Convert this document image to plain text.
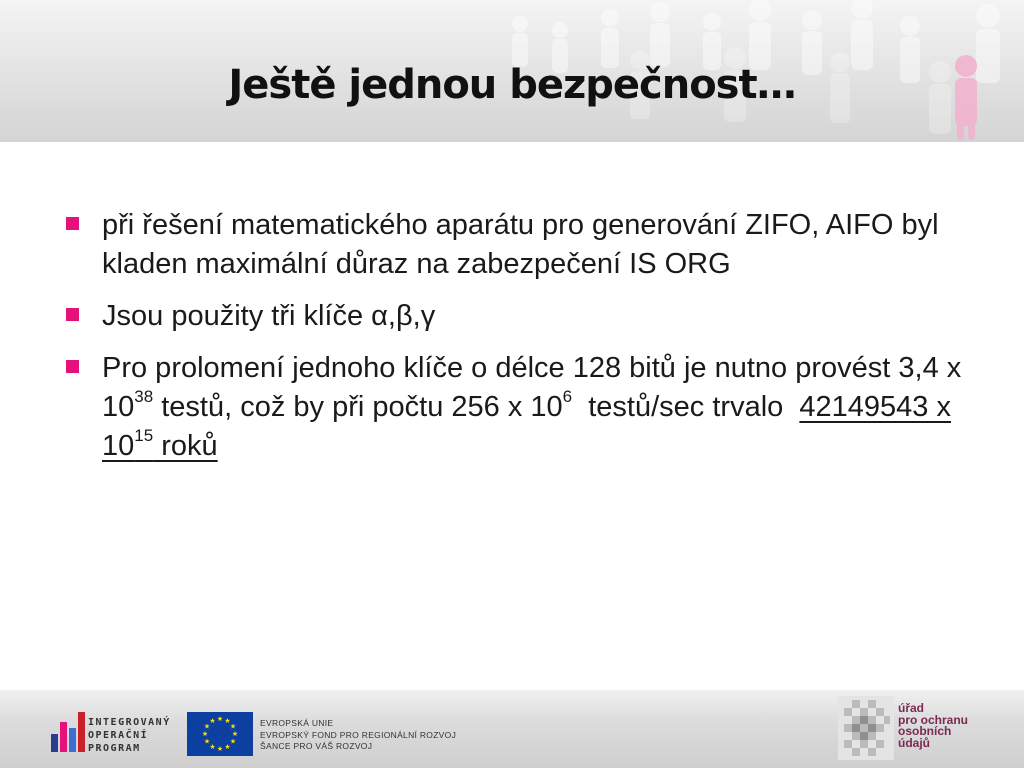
Ještě jednou bezpečnost…
při řešení matematického aparátu pro generování ZIFO, AIFO byl kladen maximální důraz na zabezpečení IS ORG
Jsou použity tři klíče α,β,γ
Pro prolomení jednoho klíče o délce 128 bitů je nutno provést 3,4 x $10^{38}$ testů, což by při počtu 256 x $10^6$  testů/sec trvalo  42149543 x $10^{15}$ roků
INTEGROVANÝ
OPERAČNÍ
PROGRAM
★ ★
★
★
★
★
★
★
★
★
★
★	EVROPSKÁ UNIE
EVROPSKÝ FOND PRO REGIONÁLNÍ ROZVOJ
ŠANCE PRO VÁŠ ROZVOJ
úřad
pro ochranu
osobních
údajů
